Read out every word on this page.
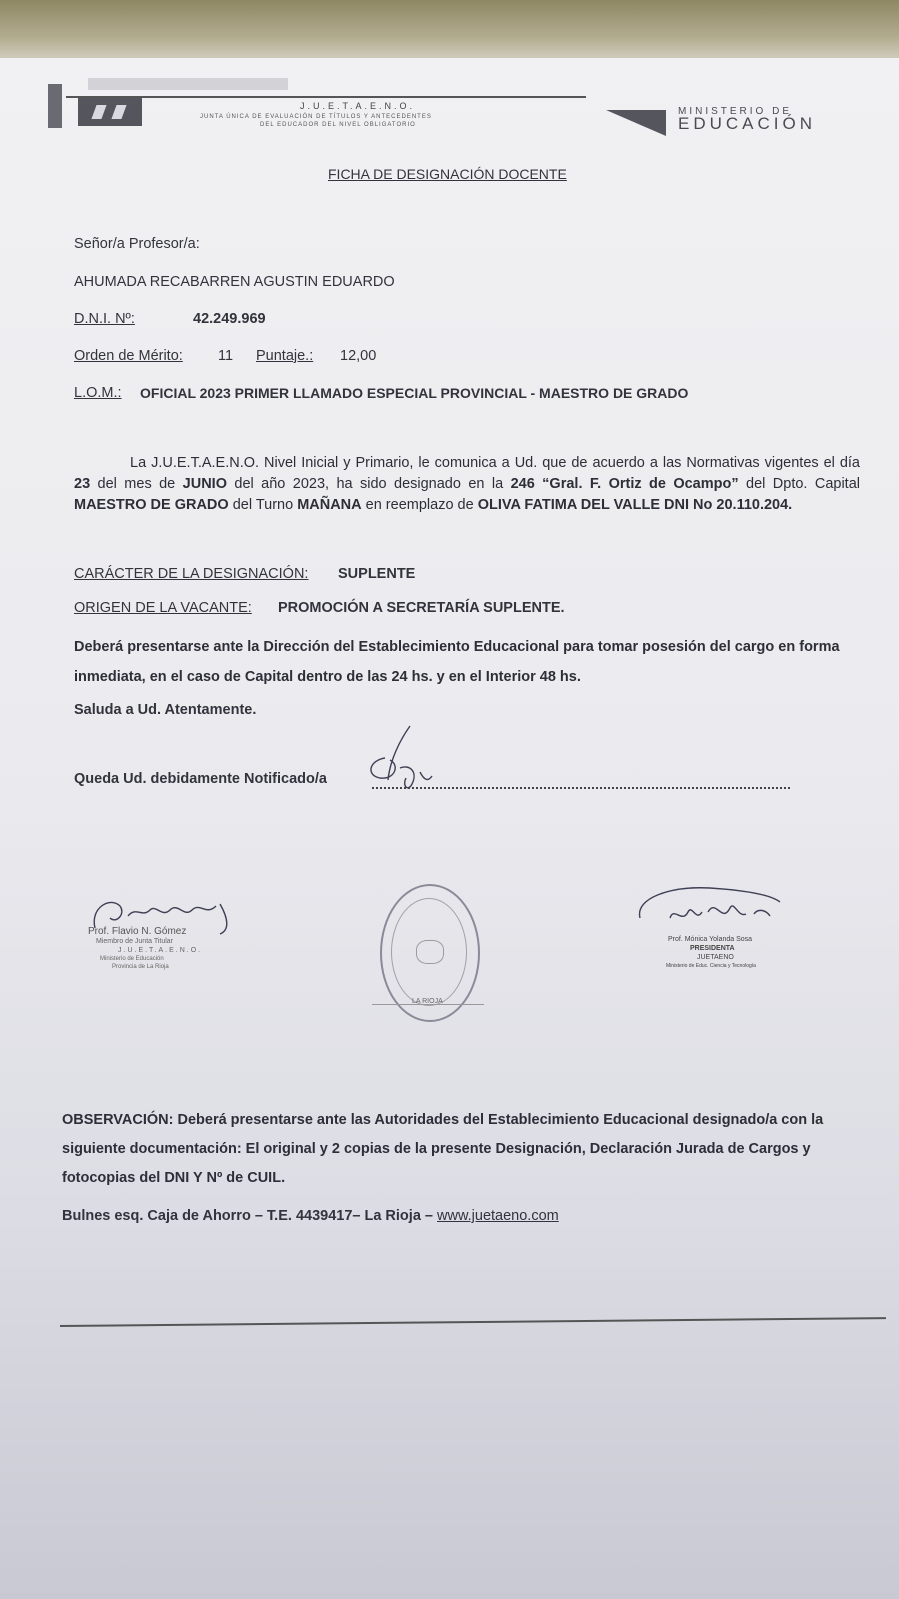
J.U.E.T.A.E.N.O.
JUNTA ÚNICA DE EVALUACIÓN DE TÍTULOS Y ANTECEDENTES
DEL EDUCADOR DEL NIVEL OBLIGATORIO
MINISTERIO DE
EDUCACIÓN
FICHA DE DESIGNACIÓN DOCENTE
Señor/a Profesor/a:
AHUMADA RECABARREN AGUSTIN EDUARDO
D.N.I. Nº:	42.249.969
Orden de Mérito: 11 Puntaje.: 12,00
L.O.M.: OFICIAL 2023 PRIMER LLAMADO ESPECIAL PROVINCIAL - MAESTRO DE GRADO
La J.U.E.T.A.E.N.O. Nivel Inicial y Primario, le comunica a Ud. que de acuerdo a las Normativas vigentes el día 23 del mes de JUNIO del año 2023, ha sido designado en la 246 “Gral. F. Ortiz de Ocampo” del Dpto. Capital MAESTRO DE GRADO del Turno MAÑANA en reemplazo de OLIVA FATIMA DEL VALLE DNI No 20.110.204.
CARÁCTER DE LA DESIGNACIÓN: SUPLENTE
ORIGEN DE LA VACANTE: PROMOCIÓN A SECRETARÍA SUPLENTE.
Deberá presentarse ante la Dirección del Establecimiento Educacional para tomar posesión del cargo en forma inmediata, en el caso de Capital dentro de las 24 hs. y en el Interior 48 hs.
Saluda a Ud. Atentamente.
Queda Ud. debidamente Notificado/a
Prof. Flavio N. Gómez
Miembro de Junta Titular
J.U.E.T.A.E.N.O.
Ministerio de Educación
Provincia de La Rioja
LA RIOJA
Prof. Mónica Yolanda Sosa
PRESIDENTA
JUETAENO
Ministerio de Educ. Ciencia y Tecnología
OBSERVACIÓN: Deberá presentarse ante las Autoridades del Establecimiento Educacional designado/a con la siguiente documentación: El original y 2 copias de la presente Designación, Declaración Jurada de Cargos y fotocopias del DNI Y Nº de CUIL.
Bulnes esq. Caja de Ahorro – T.E. 4439417– La Rioja – www.juetaeno.com
